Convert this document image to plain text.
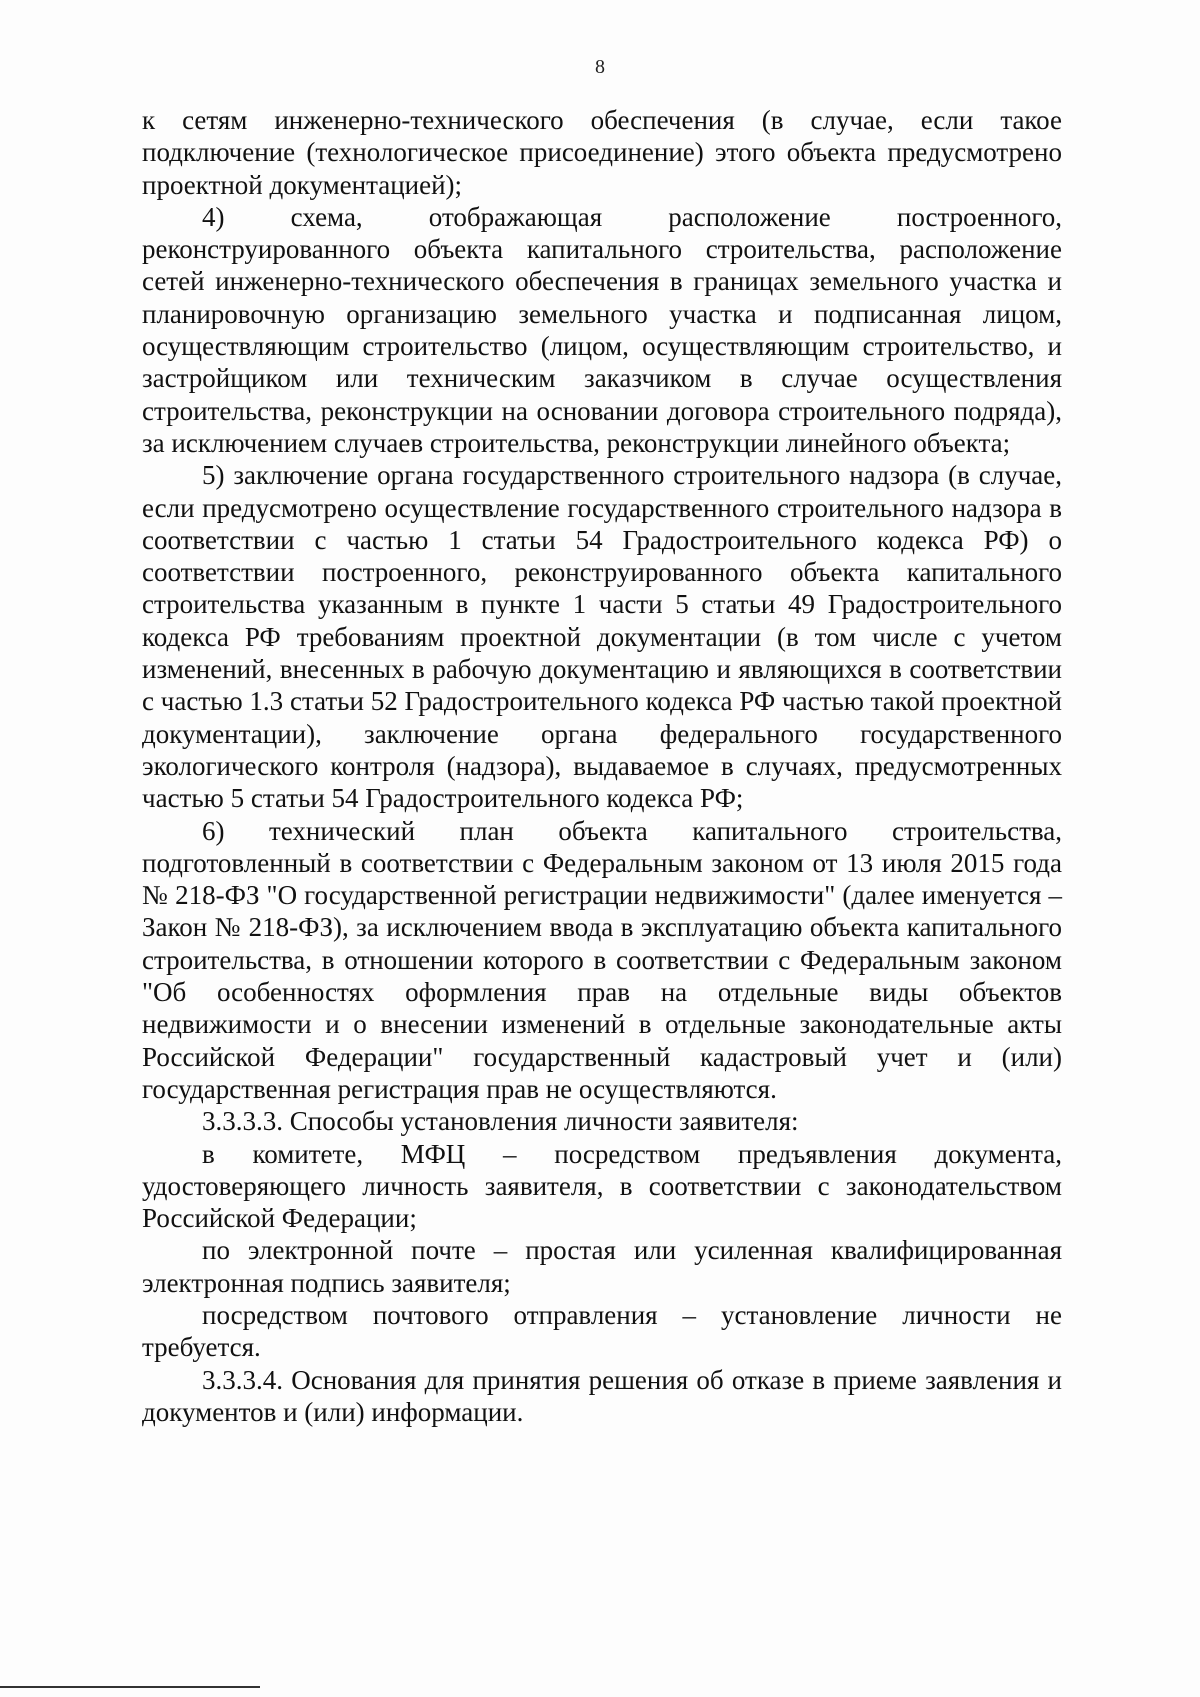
8

к сетям инженерно-технического обеспечения (в случае, если такое подключение (технологическое присоединение) этого объекта предусмотрено проектной документацией);

4) схема, отображающая расположение построенного, реконструированного объекта капитального строительства, расположение сетей инженерно-технического обеспечения в границах земельного участка и планировочную организацию земельного участка и подписанная лицом, осуществляющим строительство (лицом, осуществляющим строительство, и застройщиком или техническим заказчиком в случае осуществления строительства, реконструкции на основании договора строительного подряда), за исключением случаев строительства, реконструкции линейного объекта;

5) заключение органа государственного строительного надзора (в случае, если предусмотрено осуществление государственного строительного надзора в соответствии с частью 1 статьи 54 Градостроительного кодекса РФ) о соответствии построенного, реконструированного объекта капитального строительства указанным в пункте 1 части 5 статьи 49 Градостроительного кодекса РФ требованиям проектной документации (в том числе с учетом изменений, внесенных в рабочую документацию и являющихся в соответствии с частью 1.3 статьи 52 Градостроительного кодекса РФ частью такой проектной документации), заключение органа федерального государственного экологического контроля (надзора), выдаваемое в случаях, предусмотренных частью 5 статьи 54 Градостроительного кодекса РФ;

6) технический план объекта капитального строительства, подготовленный в соответствии с Федеральным законом от 13 июля 2015 года № 218-ФЗ "О государственной регистрации недвижимости" (далее именуется – Закон № 218-ФЗ), за исключением ввода в эксплуатацию объекта капитального строительства, в отношении которого в соответствии с Федеральным законом "Об особенностях оформления прав на отдельные виды объектов недвижимости и о внесении изменений в отдельные законодательные акты Российской Федерации" государственный кадастровый учет и (или) государственная регистрация прав не осуществляются.

3.3.3.3. Способы установления личности заявителя:

в комитете, МФЦ – посредством предъявления документа, удостоверяющего личность заявителя, в соответствии с законодательством Российской Федерации;

по электронной почте – простая или усиленная квалифицированная электронная подпись заявителя;

посредством почтового отправления – установление личности не требуется.

3.3.3.4. Основания для принятия решения об отказе в приеме заявления и документов и (или) информации.
